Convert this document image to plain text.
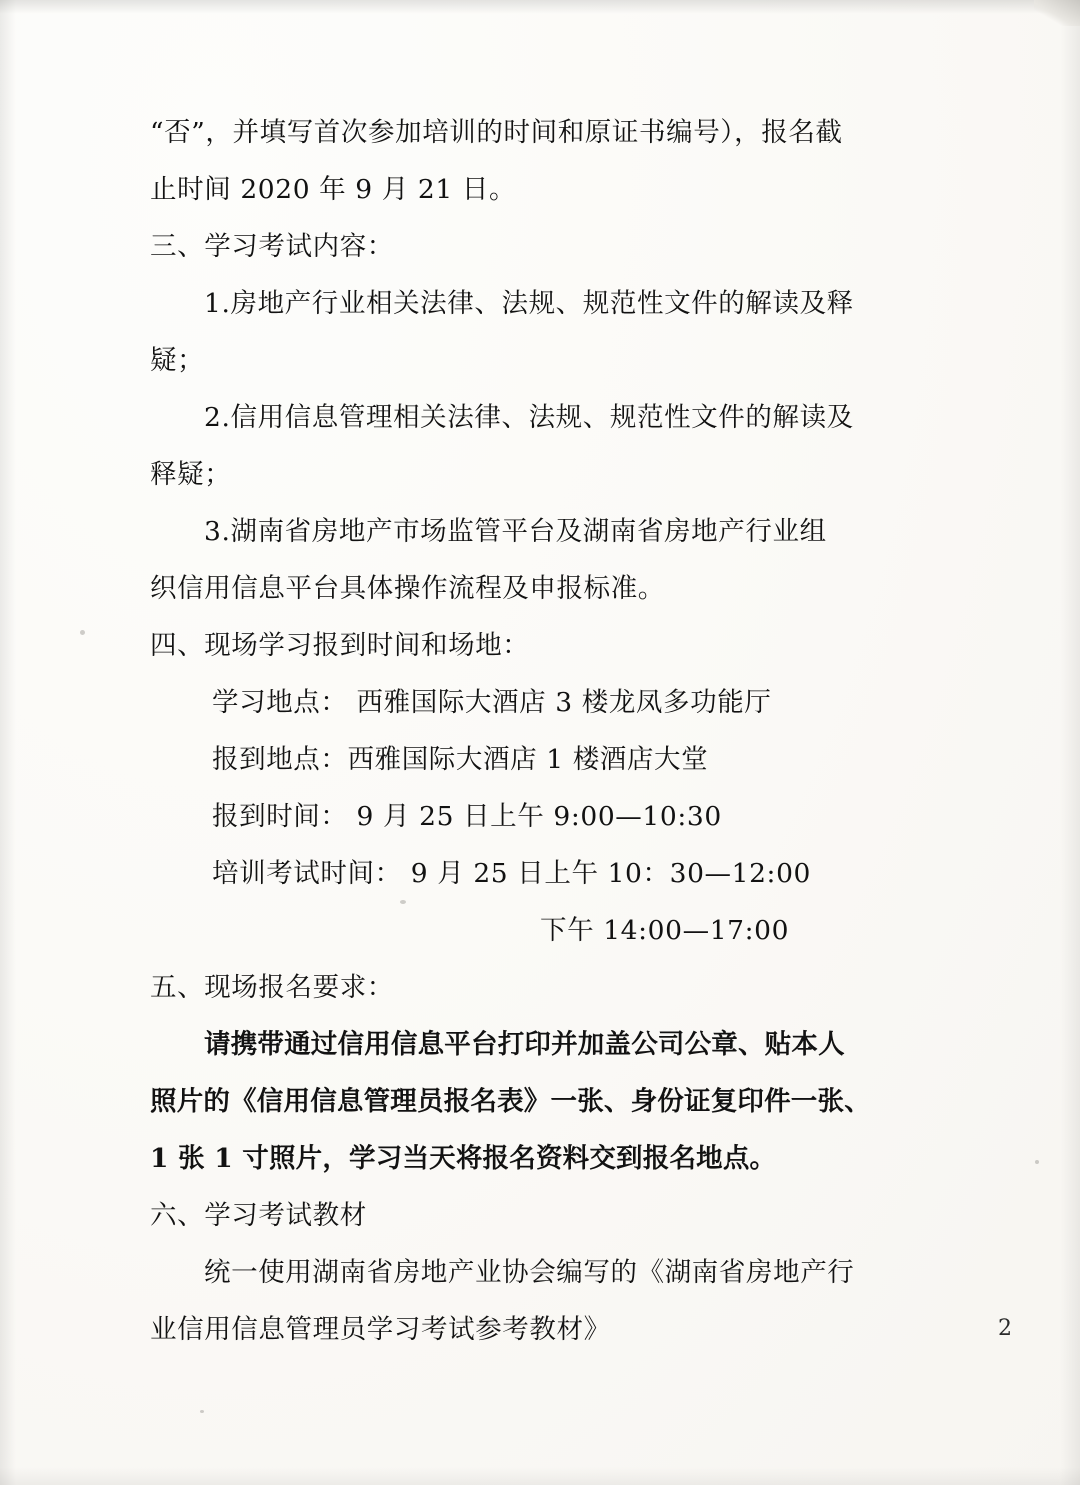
“否”，并填写首次参加培训的时间和原证书编号），报名截
止时间 2020 年 9 月 21 日。
三、学习考试内容：
1.房地产行业相关法律、法规、规范性文件的解读及释
疑；
2.信用信息管理相关法律、法规、规范性文件的解读及
释疑；
3.湖南省房地产市场监管平台及湖南省房地产行业组
织信用信息平台具体操作流程及申报标准。
四、现场学习报到时间和场地：
学习地点： 西雅国际大酒店 3 楼龙凤多功能厅
报到地点：西雅国际大酒店 1 楼酒店大堂
报到时间： 9 月 25 日上午 9:00—10:30
培训考试时间： 9 月 25 日上午 10：30—12:00
下午 14:00—17:00
五、现场报名要求：
请携带通过信用信息平台打印并加盖公司公章、贴本人
照片的《信用信息管理员报名表》一张、身份证复印件一张、
1 张 1 寸照片，学习当天将报名资料交到报名地点。
六、学习考试教材
统一使用湖南省房地产业协会编写的《湖南省房地产行
业信用信息管理员学习考试参考教材》	2
